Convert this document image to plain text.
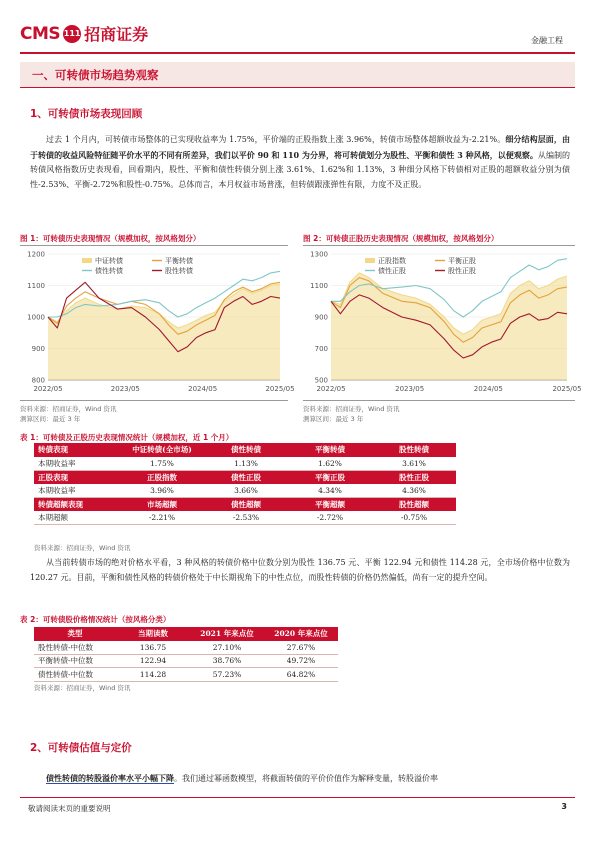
CMS 111 招商证券	金融工程
一、可转债市场趋势观察
1、可转债市场表现回顾
过去 1 个月内，可转债市场整体的已实现收益率为 1.75%，平价端的正股指数上涨 3.96%，转债市场整体超额收益为-2.21%。细分结构层面，由于转债的收益风险特征随平价水平的不同有所差异，我们以平价 90 和 110 为分界，将可转债划分为股性、平衡和债性 3 种风格，以便观察。从编制的转债风格指数历史表现看，回看期内，股性、平衡和债性转债分别上涨 3.61%、1.62%和 1.13%，3 种细分风格下转债相对正股的超额收益分别为债性-2.53%、平衡-2.72%和股性-0.75%。总体而言，本月权益市场普涨，但转债跟涨弹性有限，力度不及正股。
图 1：可转债历史表现情况（规模加权，按风格划分）
800
900
1000
1100
1200
2022/05	2023/05	2024/05	2025/05
中证转债	平衡转债
债性转债	股性转债
资料来源：招商证券，Wind 资讯
测算区间：最近 3 年
图 2：可转债正股历史表现情况（规模加权，按风格划分）
500
700
900
1100
1300
2022/05	2023/05	2024/05	2025/05
正股指数	平衡正股
债性正股	股性正股
资料来源：招商证券，Wind 资讯
测算区间：最近 3 年
表 1：可转债及正股历史表现情况统计（规模加权，近 1 个月）
转债表现	中证转债(全市场)	债性转债	平衡转债	股性转债
本期收益率	1.75%	1.13%	1.62%	3.61%
正股表现	正股指数	债性正股	平衡正股	股性正股
本期收益率	3.96%	3.66%	4.34%	4.36%
转债超额表现	市场超额	债性超额	平衡超额	股性超额
本期超额	-2.21%	-2.53%	-2.72%	-0.75%
资料来源：招商证券，Wind 资讯
从当前转债市场的绝对价格水平看，3 种风格的转债价格中位数分别为股性 136.75 元、平衡 122.94 元和债性 114.28 元，全市场价格中位数为 120.27 元。目前，平衡和债性风格的转债价格处于中长期视角下的中性点位，而股性转债的价格仍然偏低，尚有一定的提升空间。
表 2：可转债股价格情况统计（按风格分类）
类型	当期读数	2021 年来点位	2020 年来点位
股性转债-中位数	136.75	27.10%	27.67%
平衡转债-中位数	122.94	38.76%	49.72%
债性转债-中位数	114.28	57.23%	64.82%
资料来源：招商证券，Wind 资讯
2、可转债估值与定价
债性转债的转股溢价率水平小幅下降。我们通过幂函数模型，将截面转债的平价价值作为解释变量，转股溢价率
敬请阅读末页的重要说明	3
